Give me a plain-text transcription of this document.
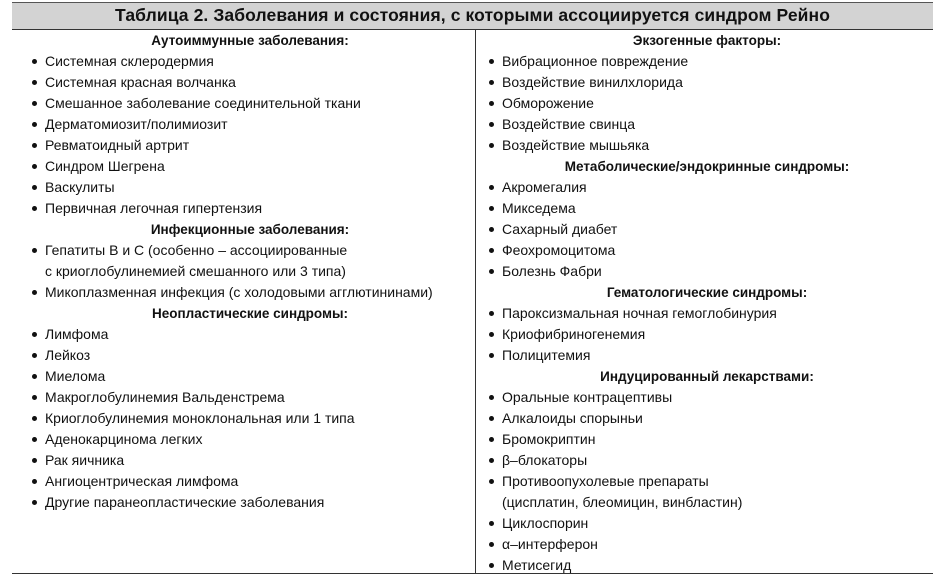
Таблица 2. Заболевания и состояния, с которыми ассоциируется синдром Рейно
Аутоиммунные заболевания:
Системная склеродермия
Системная красная волчанка
Смешанное заболевание соединительной ткани
Дерматомиозит/полимиозит
Ревматоидный артрит
Синдром Шегрена
Васкулиты
Первичная легочная гипертензия
Инфекционные заболевания:
Гепатиты В и С (особенно – ассоциированные
с криоглобулинемией смешанного или 3 типа)
Микоплазменная инфекция (с холодовыми агглютининами)
Неопластические синдромы:
Лимфома
Лейкоз
Миелома
Макроглобулинемия Вальденстрема
Криоглобулинемия моноклональная или 1 типа
Аденокарцинома легких
Рак яичника
Ангиоцентрическая лимфома
Другие паранеопластические заболевания
Экзогенные факторы:
Вибрационное повреждение
Воздействие винилхлорида
Обморожение
Воздействие свинца
Воздействие мышьяка
Метаболические/эндокринные синдромы:
Акромегалия
Микседема
Сахарный диабет
Феохромоцитома
Болезнь Фабри
Гематологические синдромы:
Пароксизмальная ночная гемоглобинурия
Криофибриногенемия
Полицитемия
Индуцированный лекарствами:
Оральные контрацептивы
Алкалоиды спорыньи
Бромокриптин
β–блокаторы
Противоопухолевые препараты
(цисплатин, блеомицин, винбластин)
Циклоспорин
α–интерферон
Метисегид
